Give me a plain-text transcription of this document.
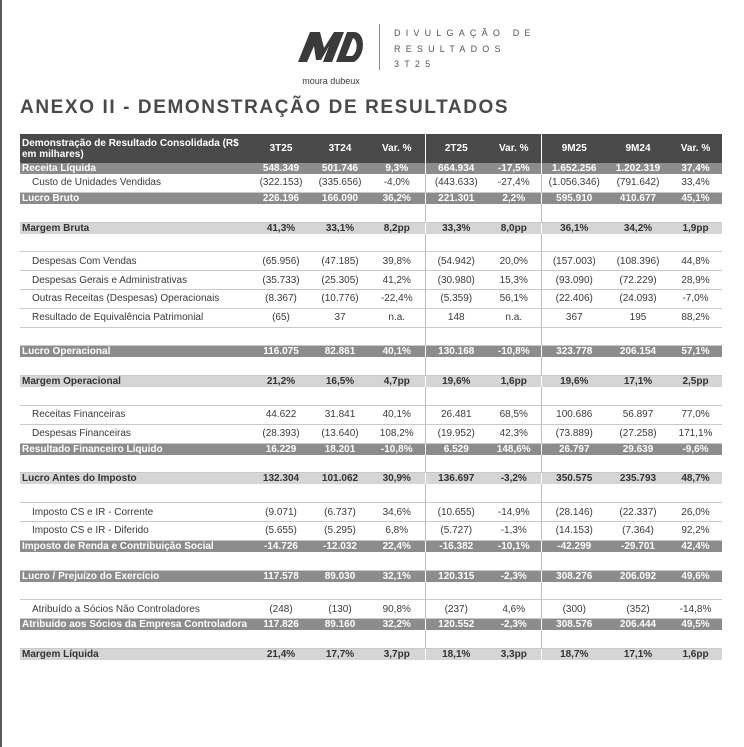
moura dubeux
DIVULGAÇÃO DE
RESULTADOS
3T25
ANEXO II - DEMONSTRAÇÃO DE RESULTADOS
Demonstração de Resultado Consolidada (R$ em milhares)	3T25	3T24	Var. %	2T25	Var. %	9M25	9M24	Var. %
Receita Líquida	548.349	501.746	9,3%	664.934	-17,5%	1.652.256	1.202.319	37,4%
Custo de Unidades Vendidas	(322.153)	(335.656)	-4,0%	(443.633)	-27,4%	(1.056.346)	(791.642)	33,4%
Lucro Bruto	226.196	166.090	36,2%	221.301	2,2%	595.910	410.677	45,1%

Margem Bruta	41,3%	33,1%	8,2pp	33,3%	8,0pp	36,1%	34,2%	1,9pp

Despesas Com Vendas	(65.956)	(47.185)	39,8%	(54.942)	20,0%	(157.003)	(108.396)	44,8%
Despesas Gerais e Administrativas	(35.733)	(25.305)	41,2%	(30.980)	15,3%	(93.090)	(72.229)	28,9%
Outras Receitas (Despesas) Operacionais	(8.367)	(10.776)	-22,4%	(5.359)	56,1%	(22.406)	(24.093)	-7,0%
Resultado de Equivalência Patrimonial	(65)	37	n.a.	148	n.a.	367	195	88,2%

Lucro Operacional	116.075	82.861	40,1%	130.168	-10,8%	323.778	206.154	57,1%

Margem Operacional	21,2%	16,5%	4,7pp	19,6%	1,6pp	19,6%	17,1%	2,5pp

Receitas Financeiras	44.622	31.841	40,1%	26.481	68,5%	100.686	56.897	77,0%
Despesas Financeiras	(28.393)	(13.640)	108,2%	(19.952)	42,3%	(73.889)	(27.258)	171,1%
Resultado Financeiro Líquido	16.229	18.201	-10,8%	6.529	148,6%	26.797	29.639	-9,6%

Lucro Antes do Imposto	132.304	101.062	30,9%	136.697	-3,2%	350.575	235.793	48,7%

Imposto CS e IR - Corrente	(9.071)	(6.737)	34,6%	(10.655)	-14,9%	(28.146)	(22.337)	26,0%
Imposto CS e IR - Diferido	(5.655)	(5.295)	6,8%	(5.727)	-1,3%	(14.153)	(7.364)	92,2%
Imposto de Renda e Contribuição Social	-14.726	-12.032	22,4%	-16.382	-10,1%	-42.299	-29.701	42,4%

Lucro / Prejuízo do Exercício	117.578	89.030	32,1%	120.315	-2,3%	308.276	206.092	49,6%

Atribuído a Sócios Não Controladores	(248)	(130)	90,8%	(237)	4,6%	(300)	(352)	-14,8%
Atribuído aos Sócios da Empresa Controladora	117.826	89.160	32,2%	120.552	-2,3%	308.576	206.444	49,5%

Margem Líquida	21,4%	17,7%	3,7pp	18,1%	3,3pp	18,7%	17,1%	1,6pp
